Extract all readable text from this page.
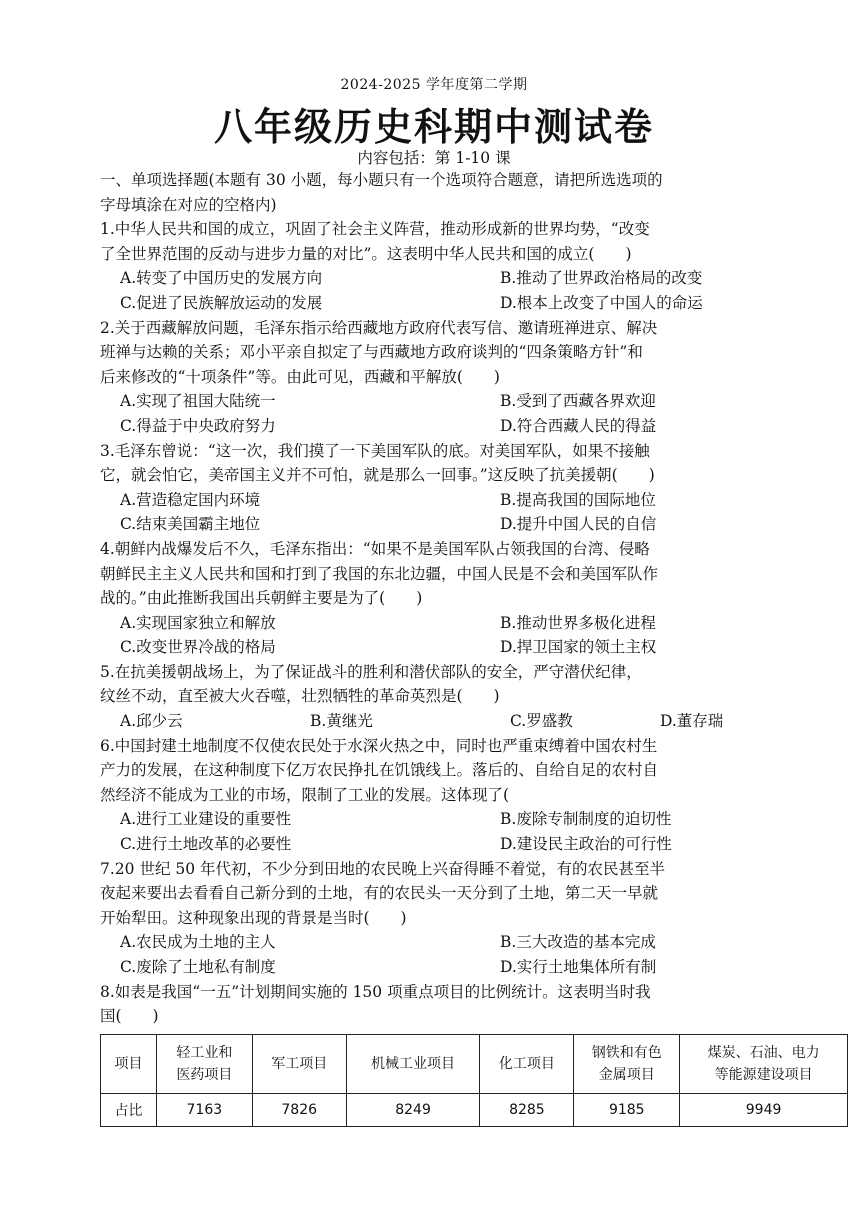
2024-2025 学年度第二学期
八年级历史科期中测试卷
内容包括：第 1-10 课
一、单项选择题(本题有 30 小题，每小题只有一个选项符合题意，请把所选选项的
字母填涂在对应的空格内)
1.中华人民共和国的成立，巩固了社会主义阵营，推动形成新的世界均势，“改变
了全世界范围的反动与进步力量的对比”。这表明中华人民共和国的成立(　　)
A.转变了中国历史的发展方向	B.推动了世界政治格局的改变
C.促进了民族解放运动的发展	D.根本上改变了中国人的命运
2.关于西藏解放问题，毛泽东指示给西藏地方政府代表写信、邀请班禅进京、解决
班禅与达赖的关系；邓小平亲自拟定了与西藏地方政府谈判的“四条策略方针”和
后来修改的“十项条件”等。由此可见，西藏和平解放(　　)
A.实现了祖国大陆统一	B.受到了西藏各界欢迎
C.得益于中央政府努力	D.符合西藏人民的得益
3.毛泽东曾说：“这一次，我们摸了一下美国军队的底。对美国军队，如果不接触
它，就会怕它，美帝国主义并不可怕，就是那么一回事。”这反映了抗美援朝(　　)
A.营造稳定国内环境	B.提高我国的国际地位
C.结束美国霸主地位	D.提升中国人民的自信
4.朝鲜内战爆发后不久，毛泽东指出：“如果不是美国军队占领我国的台湾、侵略
朝鲜民主主义人民共和国和打到了我国的东北边疆，中国人民是不会和美国军队作
战的。”由此推断我国出兵朝鲜主要是为了(　　)
A.实现国家独立和解放	B.推动世界多极化进程
C.改变世界冷战的格局	D.捍卫国家的领土主权
5.在抗美援朝战场上，为了保证战斗的胜利和潜伏部队的安全，严守潜伏纪律，
纹丝不动，直至被大火吞噬，壮烈牺牲的革命英烈是(　　)
A.邱少云	B.黄继光	C.罗盛教	D.董存瑞
6.中国封建土地制度不仅使农民处于水深火热之中，同时也严重束缚着中国农村生
产力的发展，在这种制度下亿万农民挣扎在饥饿线上。落后的、自给自足的农村自
然经济不能成为工业的市场，限制了工业的发展。这体现了(
A.进行工业建设的重要性	B.废除专制制度的迫切性
C.进行土地改革的必要性	D.建设民主政治的可行性
7.20 世纪 50 年代初，不少分到田地的农民晚上兴奋得睡不着觉，有的农民甚至半
夜起来要出去看看自己新分到的土地，有的农民头一天分到了土地，第二天一早就
开始犁田。这种现象出现的背景是当时(　　)
A.农民成为土地的主人	B.三大改造的基本完成
C.废除了土地私有制度	D.实行土地集体所有制
8.如表是我国“一五”计划期间实施的 150 项重点项目的比例统计。这表明当时我
国(　　)
项目	轻工业和
医药项目	军工项目	机械工业项目	化工项目	钢铁和有色
金属项目	煤炭、石油、电力
等能源建设项目
占比	7163	7826	8249	8285	9185	9949
